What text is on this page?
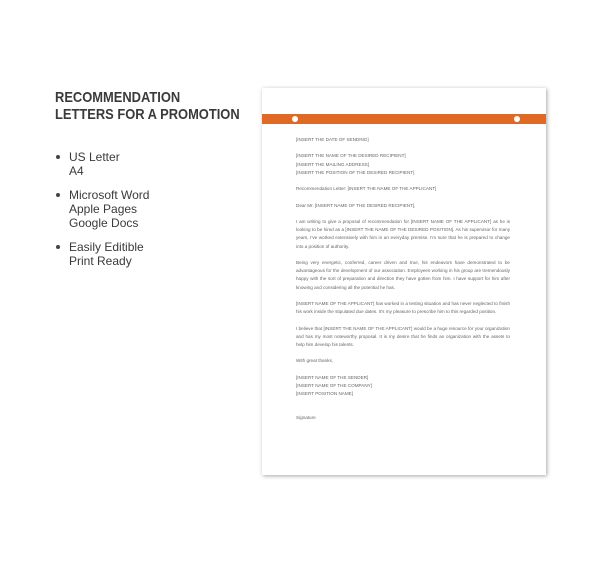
RECOMMENDATION
LETTERS FOR A PROMOTION
US Letter
A4
Microsoft Word
Apple Pages
Google Docs
Easily Editible
Print Ready

[INSERT THE DATE OF SENDING]

[INSERT THE NAME OF THE DESIRED RECIPIENT]
[INSERT THE MAILING ADDRESS]
[INSERT THE POSITION OF THE DESIRED RECIPIENT]

Recommendation Letter: [INSERT THE NAME OF THE APPLICANT]

Dear Mr. [INSERT NAME OF THE DESIRED RECIPIENT],

I am writing to give a proposal of recommendation for [INSERT NAME OF THE APPLICANT] as he is looking to be hired as a [INSERT THE NAME OF THE DESIRED POSITION]. As his supervisor for many years, I've worked extensively with him in an everyday premise. I'm sure that he is prepared to change into a position of authority.

Being very energetic, conferred, career driven and true, his endeavors have demonstrated to be advantageous for the development of our association. Employees working in his group are tremendously happy with the sort of preparation and direction they have gotten from him. I have support for him after knowing and considering all the potential he has.

[INSERT NAME OF THE APPLICANT] has worked in a testing situation and has never neglected to finish his work inside the stipulated due dates. It's my pleasure to prescribe him to this regarded position.

I believe that [INSERT THE NAME OF THE APPLICANT] would be a huge resource for your organization and has my most noteworthy proposal. It is my desire that he finds an organization with the assets to help him develop his talents.

With great thanks,

[INSERT NAME OF THE SENDER]
[INSERT NAME OF THE COMPANY]
[INSERT POSITION NAME]

Signature
